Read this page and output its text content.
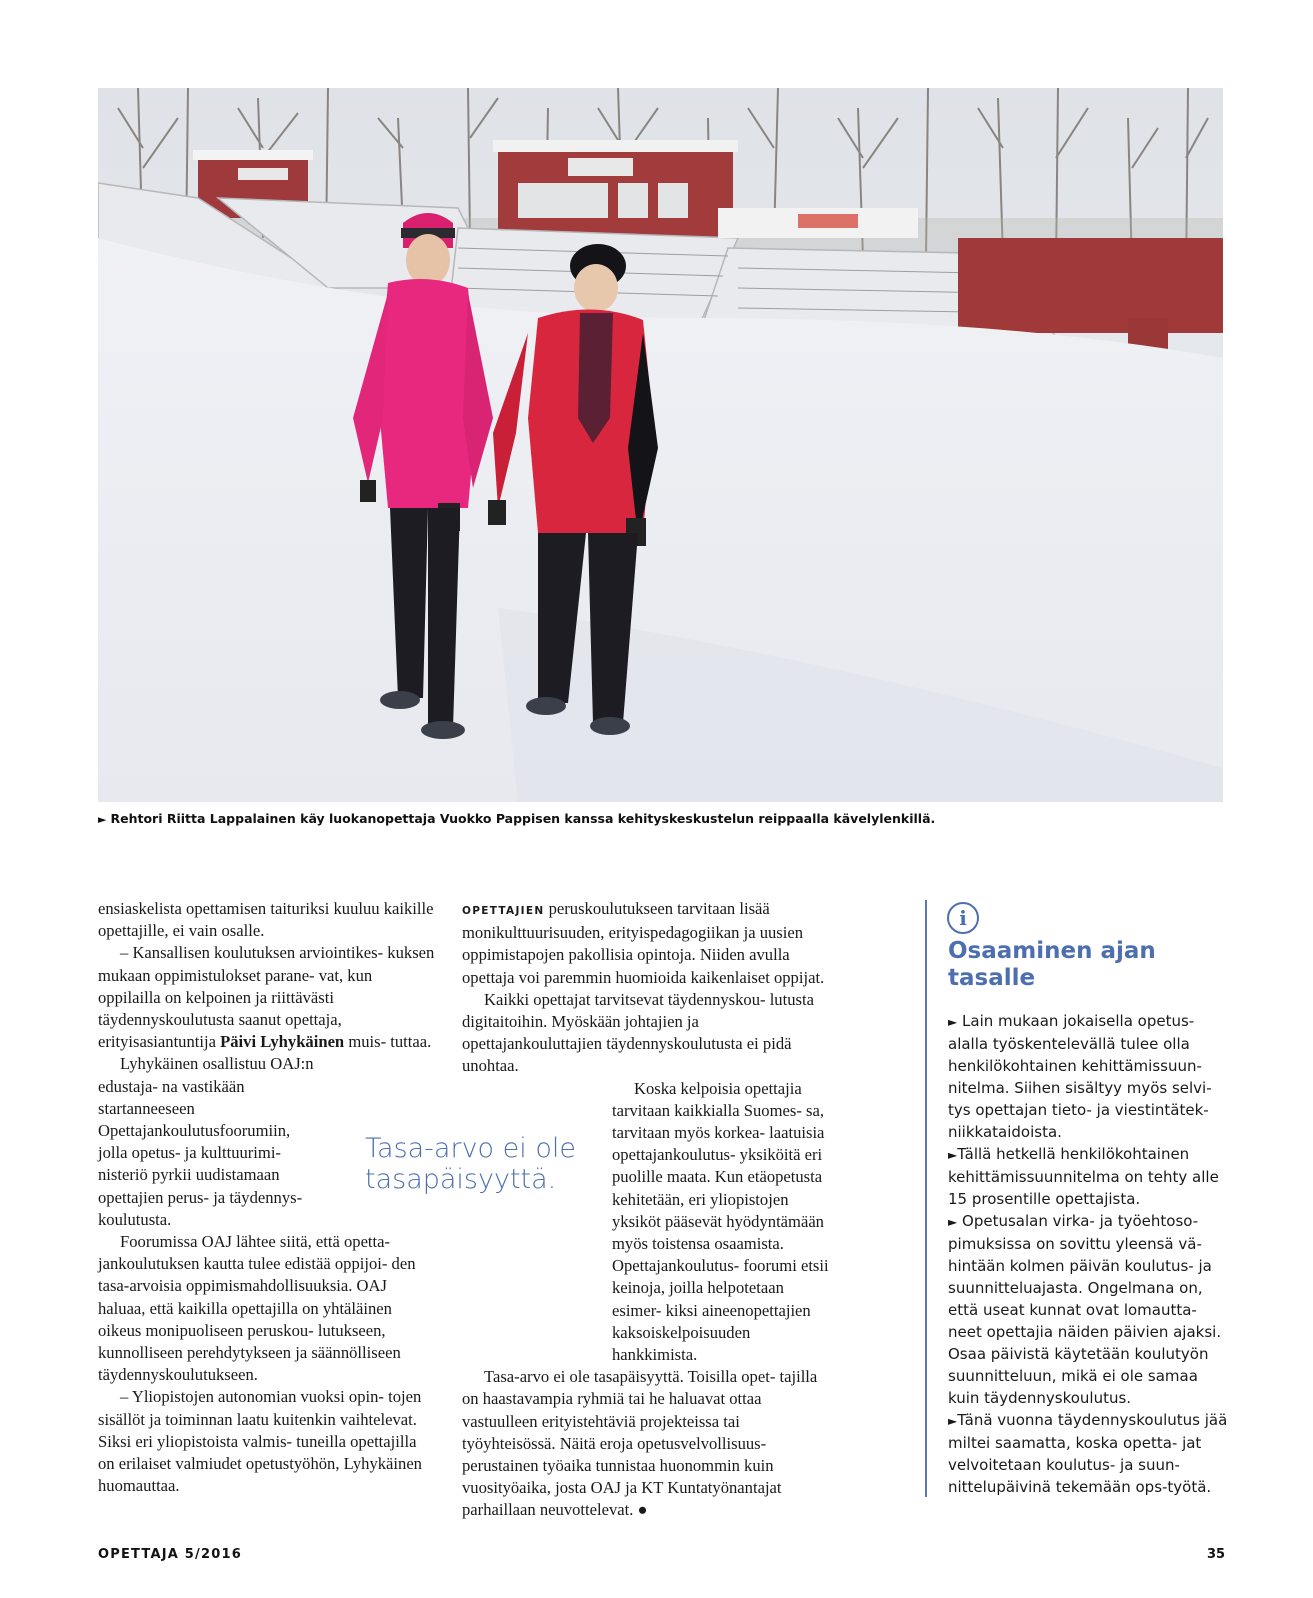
► Rehtori Riitta Lappalainen käy luokanopettaja Vuokko Pappisen kanssa kehityskeskustelun reippaalla kävelylenkillä.

ensiaskelista opettamisen taituriksi kuuluu kaikille opettajille, ei vain osalle.

– Kansallisen koulutuksen arviointikes- kuksen mukaan oppimistulokset parane- vat, kun oppilailla on kelpoinen ja riittävästi täydennyskoulutusta saanut opettaja, erityisasiantuntija Päivi Lyhykäinen muis- tuttaa.

Lyhykäinen osallistuu OAJ:n edustaja- na vastikään startanneeseen Opettajankoulutusfoorumiin, jolla opetus- ja kulttuurimi- nisteriö pyrkii uudistamaan opettajien perus- ja täydennys- koulutusta.

Foorumissa OAJ lähtee siitä, että opetta- jankoulutuksen kautta tulee edistää oppijoi- den tasa-arvoisia oppimismahdollisuuksia. OAJ haluaa, että kaikilla opettajilla on yhtäläinen oikeus monipuoliseen peruskou- lutukseen, kunnolliseen perehdytykseen ja säännölliseen täydennyskoulutukseen.

– Yliopistojen autonomian vuoksi opin- tojen sisällöt ja toiminnan laatu kuitenkin vaihtelevat. Siksi eri yliopistoista valmis- tuneilla opettajilla on erilaiset valmiudet opetustyöhön, Lyhykäinen huomauttaa.

Tasa-arvo ei ole tasapäisyyttä.

OPETTAJIEN peruskoulutukseen tarvitaan lisää monikulttuurisuuden, erityispedagogiikan ja uusien oppimistapojen pakollisia opintoja. Niiden avulla opettaja voi paremmin huomioida kaikenlaiset oppijat.

Kaikki opettajat tarvitsevat täydennyskou- lutusta digitaitoihin. Myöskään johtajien ja opettajankouluttajien täydennyskoulutusta ei pidä unohtaa.

Koska kelpoisia opettajia tarvitaan kaikkialla Suomes- sa, tarvitaan myös korkea- laatuisia opettajankoulutus- yksiköitä eri puolille maata. Kun etäopetusta kehitetään, eri yliopistojen yksiköt pääsevät hyödyntämään myös toistensa osaamista. Opettajankoulutus- foorumi etsii keinoja, joilla helpotetaan esimer- kiksi aineenopettajien kaksoiskelpoisuuden hankkimista.

Tasa-arvo ei ole tasapäisyyttä. Toisilla opet- tajilla on haastavampia ryhmiä tai he haluavat ottaa vastuulleen erityistehtäviä projekteissa tai työyhteisössä. Näitä eroja opetusvelvollisuus- perustainen työaika tunnistaa huonommin kuin vuosityöaika, josta OAJ ja KT Kuntatyönantajat parhaillaan neuvottelevat. ●

i
Osaaminen ajan tasalle

► Lain mukaan jokaisella opetus- alalla työskentelevällä tulee olla henkilökohtainen kehittämissuun- nitelma. Siihen sisältyy myös selvi- tys opettajan tieto- ja viestintätek- niikkataidoista.

►Tällä hetkellä henkilökohtainen kehittämissuunnitelma on tehty alle 15 prosentille opettajista.

► Opetusalan virka- ja työehtoso- pimuksissa on sovittu yleensä vä- hintään kolmen päivän koulutus- ja suunnitteluajasta. Ongelmana on, että useat kunnat ovat lomautta- neet opettajia näiden päivien ajaksi. Osaa päivistä käytetään koulutyön suunnitteluun, mikä ei ole samaa kuin täydennyskoulutus.

►Tänä vuonna täydennyskoulutus jää miltei saamatta, koska opetta- jat velvoitetaan koulutus- ja suun- nittelupäivinä tekemään ops-työtä.

OPETTAJA 5/2016	35
